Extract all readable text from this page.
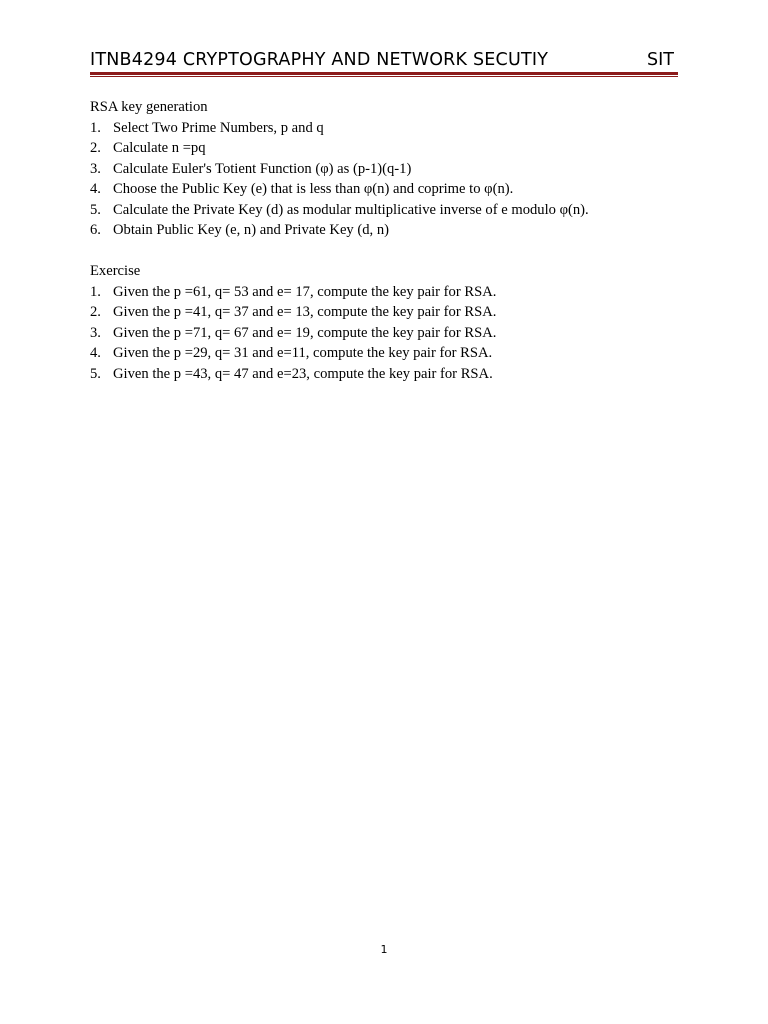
ITNB4294 CRYPTOGRAPHY AND NETWORK SECUTIY	SIT

RSA key generation

1. Select Two Prime Numbers, p and q
2. Calculate n =pq
3. Calculate Euler's Totient Function (φ) as (p-1)(q-1)
4. Choose the Public Key (e) that is less than φ(n) and coprime to φ(n).
5. Calculate the Private Key (d) as modular multiplicative inverse of e modulo φ(n).
6. Obtain Public Key (e, n) and Private Key (d, n)

Exercise

1. Given the p =61, q= 53 and e= 17, compute the key pair for RSA.
2. Given the p =41, q= 37 and e= 13, compute the key pair for RSA.
3. Given the p =71, q= 67 and e= 19, compute the key pair for RSA.
4. Given the p =29, q= 31 and e=11, compute the key pair for RSA.
5. Given the p =43, q= 47 and e=23, compute the key pair for RSA.
1
